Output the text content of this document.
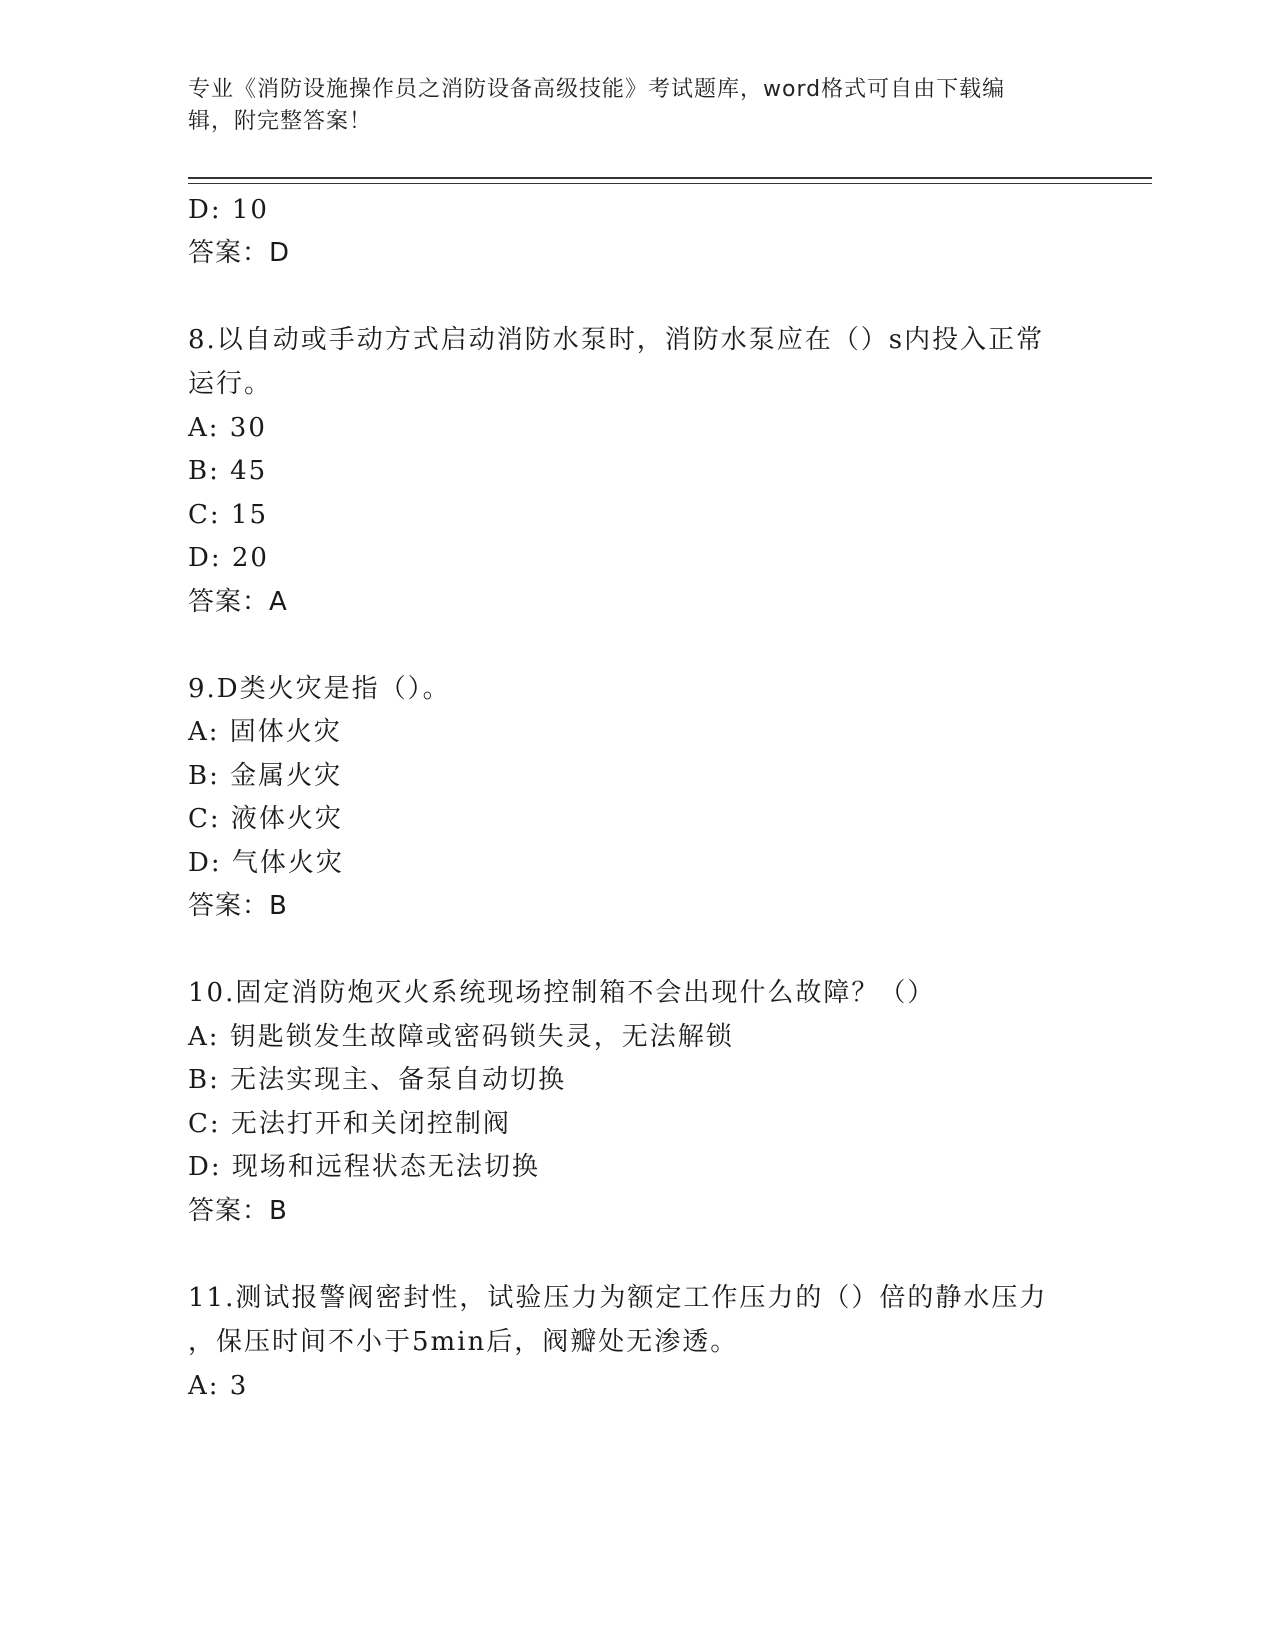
专业《消防设施操作员之消防设备高级技能》考试题库，word格式可自由下载编
辑，附完整答案！
D: 10
答案：D
8.以自动或手动方式启动消防水泵时，消防水泵应在（）s内投入正常
运行。
A: 30
B: 45
C: 15
D: 20
答案：A
9.D类火灾是指（）。
A: 固体火灾
B: 金属火灾
C: 液体火灾
D: 气体火灾
答案：B
10.固定消防炮灭火系统现场控制箱不会出现什么故障？（）
A: 钥匙锁发生故障或密码锁失灵，无法解锁
B: 无法实现主、备泵自动切换
C: 无法打开和关闭控制阀
D: 现场和远程状态无法切换
答案：B
11.测试报警阀密封性，试验压力为额定工作压力的（）倍的静水压力
，保压时间不小于5min后，阀瓣处无渗透。
A: 3
